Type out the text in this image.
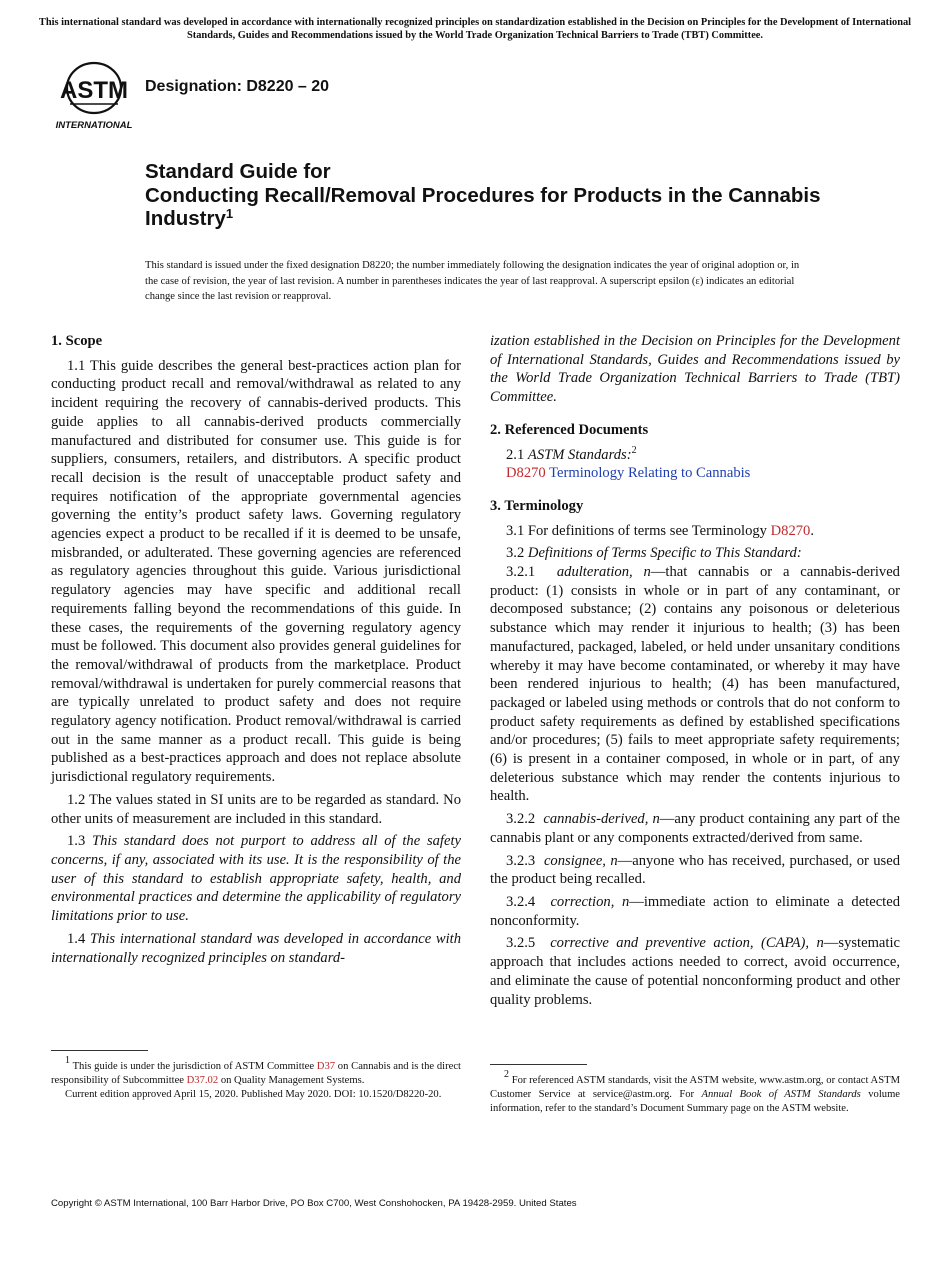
This international standard was developed in accordance with internationally recognized principles on standardization established in the Decision on Principles for the Development of International Standards, Guides and Recommendations issued by the World Trade Organization Technical Barriers to Trade (TBT) Committee.
ASTM
INTERNATIONAL
Designation: D8220 – 20
Standard Guide for
Conducting Recall/Removal Procedures for Products in the Cannabis Industry$^1$
This standard is issued under the fixed designation D8220; the number immediately following the designation indicates the year of original adoption or, in the case of revision, the year of last revision. A number in parentheses indicates the year of last reapproval. A superscript epsilon (ε) indicates an editorial change since the last revision or reapproval.

1. Scope

1.1 This guide describes the general best-practices action plan for conducting product recall and removal/withdrawal as related to any incident requiring the recovery of cannabis-derived products. This guide applies to all cannabis-derived products commercially manufactured and distributed for consumer use. This guide is for suppliers, consumers, retailers, and distributors. A specific product recall decision is the result of unacceptable product safety and requires notification of the appropriate governmental agencies governing the entity’s product safety laws. Governing regulatory agencies expect a product to be recalled if it is deemed to be unsafe, misbranded, or adulterated. These governing agencies are referenced as regulatory agencies throughout this guide. Various jurisdictional regulatory agencies may have specific and additional recall requirements falling beyond the recommendations of this guide. In these cases, the requirements of the governing regulatory agency must be followed. This document also provides general guidelines for the removal/withdrawal of products from the marketplace. Product removal/withdrawal is undertaken for purely commercial reasons that are typically unrelated to product safety and does not require regulatory agency notification. Product removal/withdrawal is carried out in the same manner as a product recall. This guide is being published as a best-practices approach and does not replace absolute jurisdictional regulatory requirements.

1.2 The values stated in SI units are to be regarded as standard. No other units of measurement are included in this standard.

1.3 This standard does not purport to address all of the safety concerns, if any, associated with its use. It is the responsibility of the user of this standard to establish appropriate safety, health, and environmental practices and determine the applicability of regulatory limitations prior to use.

1.4 This international standard was developed in accordance with internationally recognized principles on standard-

$^1$ This guide is under the jurisdiction of ASTM Committee D37 on Cannabis and is the direct responsibility of Subcommittee D37.02 on Quality Management Systems.

Current edition approved April 15, 2020. Published May 2020. DOI: 10.1520/D8220-20.

ization established in the Decision on Principles for the Development of International Standards, Guides and Recommendations issued by the World Trade Organization Technical Barriers to Trade (TBT) Committee.

2. Referenced Documents

2.1 ASTM Standards:$^2$

D8270 Terminology Relating to Cannabis

3. Terminology

3.1 For definitions of terms see Terminology D8270.

3.2 Definitions of Terms Specific to This Standard:

3.2.1 adulteration, n—that cannabis or a cannabis-derived product: (1) consists in whole or in part of any contaminant, or decomposed substance; (2) contains any poisonous or deleterious substance which may render it injurious to health; (3) has been manufactured, packaged, labeled, or held under unsanitary conditions whereby it may have become contaminated, or whereby it may have been rendered injurious to health; (4) has been manufactured, packaged or labeled using methods or controls that do not conform to product safety requirements as defined by established specifications and/or procedures; (5) fails to meet appropriate safety requirements; (6) is present in a container composed, in whole or in part, of any deleterious substance which may render the contents injurious to health.

3.2.2 cannabis-derived, n—any product containing any part of the cannabis plant or any components extracted/derived from same.

3.2.3 consignee, n—anyone who has received, purchased, or used the product being recalled.

3.2.4 correction, n—immediate action to eliminate a detected nonconformity.

3.2.5 corrective and preventive action, (CAPA), n—systematic approach that includes actions needed to correct, avoid occurrence, and eliminate the cause of potential nonconforming product and other quality problems.

$^2$ For referenced ASTM standards, visit the ASTM website, www.astm.org, or contact ASTM Customer Service at service@astm.org. For Annual Book of ASTM Standards volume information, refer to the standard’s Document Summary page on the ASTM website.

Copyright © ASTM International, 100 Barr Harbor Drive, PO Box C700, West Conshohocken, PA 19428-2959. United States
